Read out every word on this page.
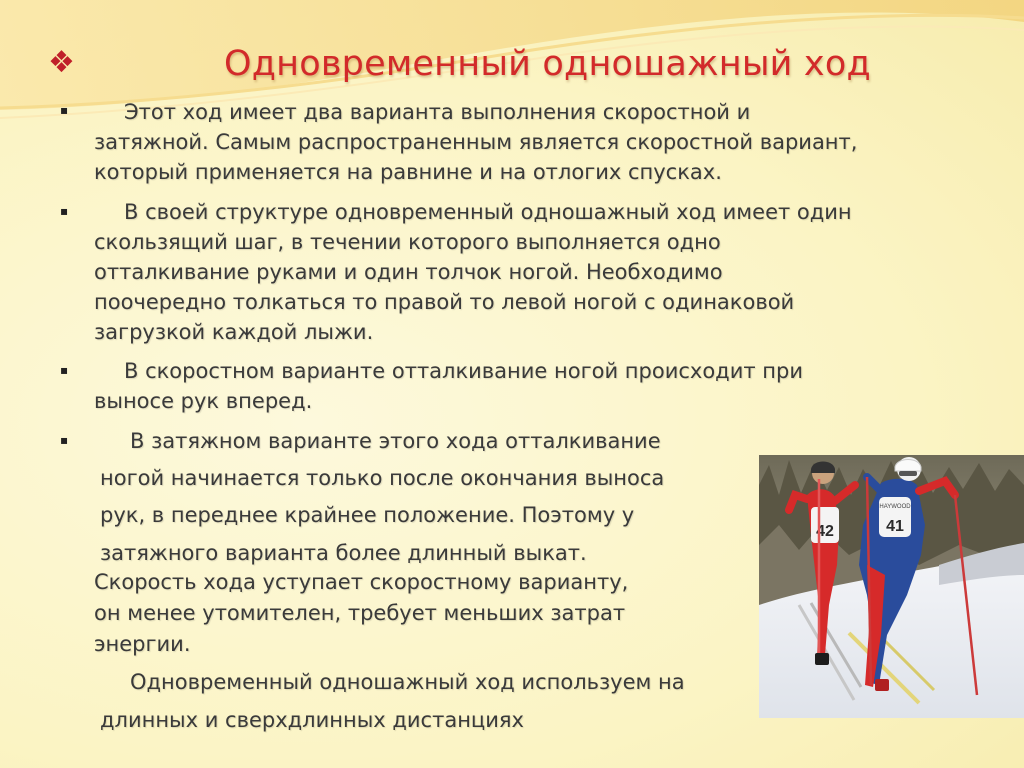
❖	Одновременный одношажный ход
▪	Этот ход имеет два варианта выполнения скоростной и
затяжной. Самым распространенным является скоростной вариант,
который применяется на равнине и на отлогих спусках.
▪	В своей структуре одновременный одношажный ход имеет один
скользящий шаг, в течении которого выполняется одно
отталкивание руками и один толчок ногой. Необходимо
поочередно толкаться то правой то левой ногой с одинаковой
загрузкой каждой лыжи.
▪	В скоростном варианте отталкивание ногой происходит при
выносе рук вперед.
▪	В затяжном варианте этого хода отталкивание
ногой начинается только после окончания выноса
рук, в переднее крайнее положение. Поэтому у
затяжного варианта более длинный выкат.
Скорость хода уступает скоростному варианту,
он менее утомителен, требует меньших затрат
энергии.
Одновременный одношажный ход используем на
длинных и сверхдлинных дистанциях
42	41
HAYWOOD
